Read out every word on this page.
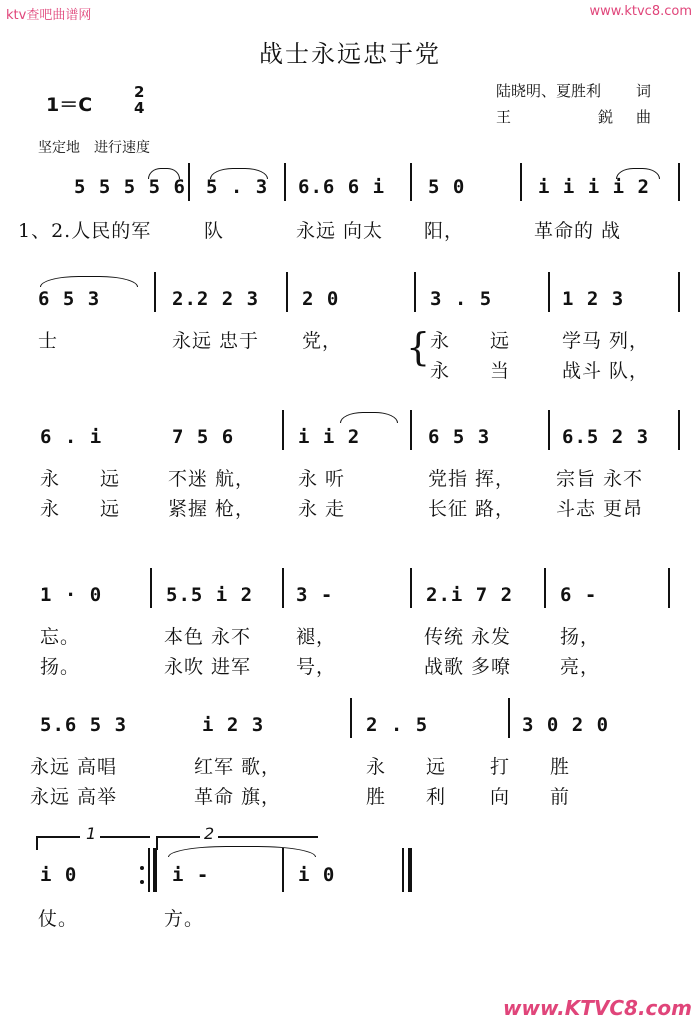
ktv查吧曲谱网	www.ktvc8.com
战士永远忠于党
1＝C
2
4
陆晓明、夏胜利 词
王	鋭 曲
坚定地　进行速度
5 5 5 5 6 5 . 3 6.6 6 i 5 0	i i i i 2
1、2.人民的军	队	永远 向太 阳，	革命的 战
6 5 3	2.2 2 3 2 0	3 . 5	1 2 3
士	永远 忠于 党， { 永　　远	学马 列，
永　　当	战斗 队，
6 . i	7 5 6	i i 2	6 5 3	6.5 2 3
永　　远	不迷 航， 永 听	党指 挥， 宗旨 永不
永　　远	紧握 枪， 永 走	长征 路， 斗志 更昂
1 · 0	5.5 i 2 3 -	2.i 7 2 6 -
忘。	本色 永不 褪，	传统 永发	扬，
扬。	永吹 进军 号，	战歌 多嘹	亮，
5.6 5 3	i 2 3	2 . 5	3 0 2 0
永远 高唱	红军 歌，	永　　远 打　　胜
永远 高举	革命 旗，	胜　　利 向　　前
1	2
i 0	i -	i 0
仗。	方。
www.KTVC8.com
